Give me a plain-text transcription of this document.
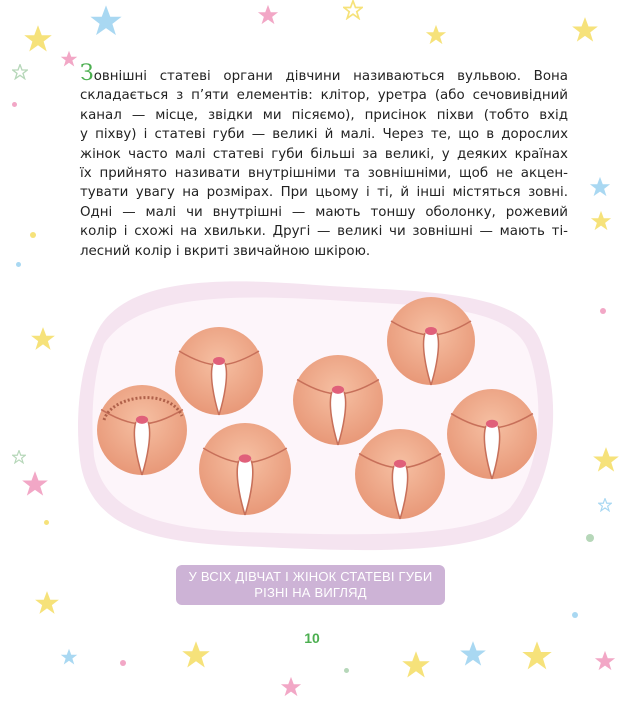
Зовнішні статеві органи дівчини називаються вульвою. Вона
складається з п’яти елементів: клітор, уретра (або сечовивідний
канал — місце, звідки ми пісяємо), присінок піхви (тобто вхід
у піхву) і статеві губи — великі й малі. Через те, що в дорослих
жінок часто малі статеві губи більші за великі, у деяких країнах
їх прийнято називати внутрішніми та зовнішніми, щоб не акцен-
тувати увагу на розмірах. При цьому і ті, й інші містяться зовні.
Одні — малі чи внутрішні — мають тоншу оболонку, рожевий
колір і схожі на хвильки. Другі — великі чи зовнішні — мають ті-
лесний колір і вкриті звичайною шкірою.
У ВСІХ ДІВЧАТ І ЖІНОК СТАТЕВІ ГУБИ
РІЗНІ НА ВИГЛЯД
10
